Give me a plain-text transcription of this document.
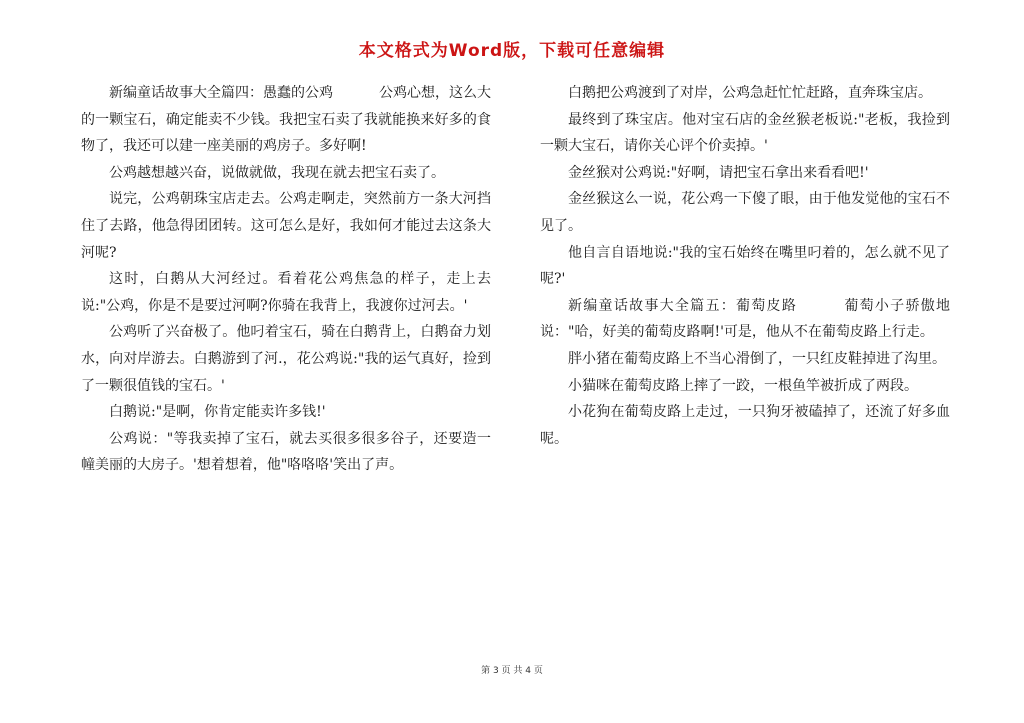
本文格式为Word版，下载可任意编辑

新编童话故事大全篇四：愚蠢的公鸡	公鸡心想，这么大的一颗宝石，确定能卖不少钱。我把宝石卖了我就能换来好多的食物了，我还可以建一座美丽的鸡房子。多好啊!

公鸡越想越兴奋，说做就做，我现在就去把宝石卖了。

说完，公鸡朝珠宝店走去。公鸡走啊走，突然前方一条大河挡住了去路，他急得团团转。这可怎么是好，我如何才能过去这条大河呢?

这时，白鹅从大河经过。看着花公鸡焦急的样子，走上去说:"公鸡，你是不是要过河啊?你骑在我背上，我渡你过河去。'

公鸡听了兴奋极了。他叼着宝石，骑在白鹅背上，白鹅奋力划水，向对岸游去。白鹅游到了河.，花公鸡说:"我的运气真好，捡到了一颗很值钱的宝石。'

白鹅说:"是啊，你肯定能卖许多钱!'

公鸡说："等我卖掉了宝石，就去买很多很多谷子，还要造一幢美丽的大房子。'想着想着，他"咯咯咯'笑出了声。

白鹅把公鸡渡到了对岸，公鸡急赶忙忙赶路，直奔珠宝店。

最终到了珠宝店。他对宝石店的金丝猴老板说:"老板，我捡到一颗大宝石，请你关心评个价卖掉。'

金丝猴对公鸡说:"好啊，请把宝石拿出来看看吧!'

金丝猴这么一说，花公鸡一下傻了眼，由于他发觉他的宝石不见了。

他自言自语地说:"我的宝石始终在嘴里叼着的，怎么就不见了呢?'

新编童话故事大全篇五：葡萄皮路	葡萄小子骄傲地说："哈，好美的葡萄皮路啊!'可是，他从不在葡萄皮路上行走。

胖小猪在葡萄皮路上不当心滑倒了，一只红皮鞋掉进了沟里。

小猫咪在葡萄皮路上摔了一跤，一根鱼竿被折成了两段。

小花狗在葡萄皮路上走过，一只狗牙被磕掉了，还流了好多血呢。

第 3 页 共 4 页
